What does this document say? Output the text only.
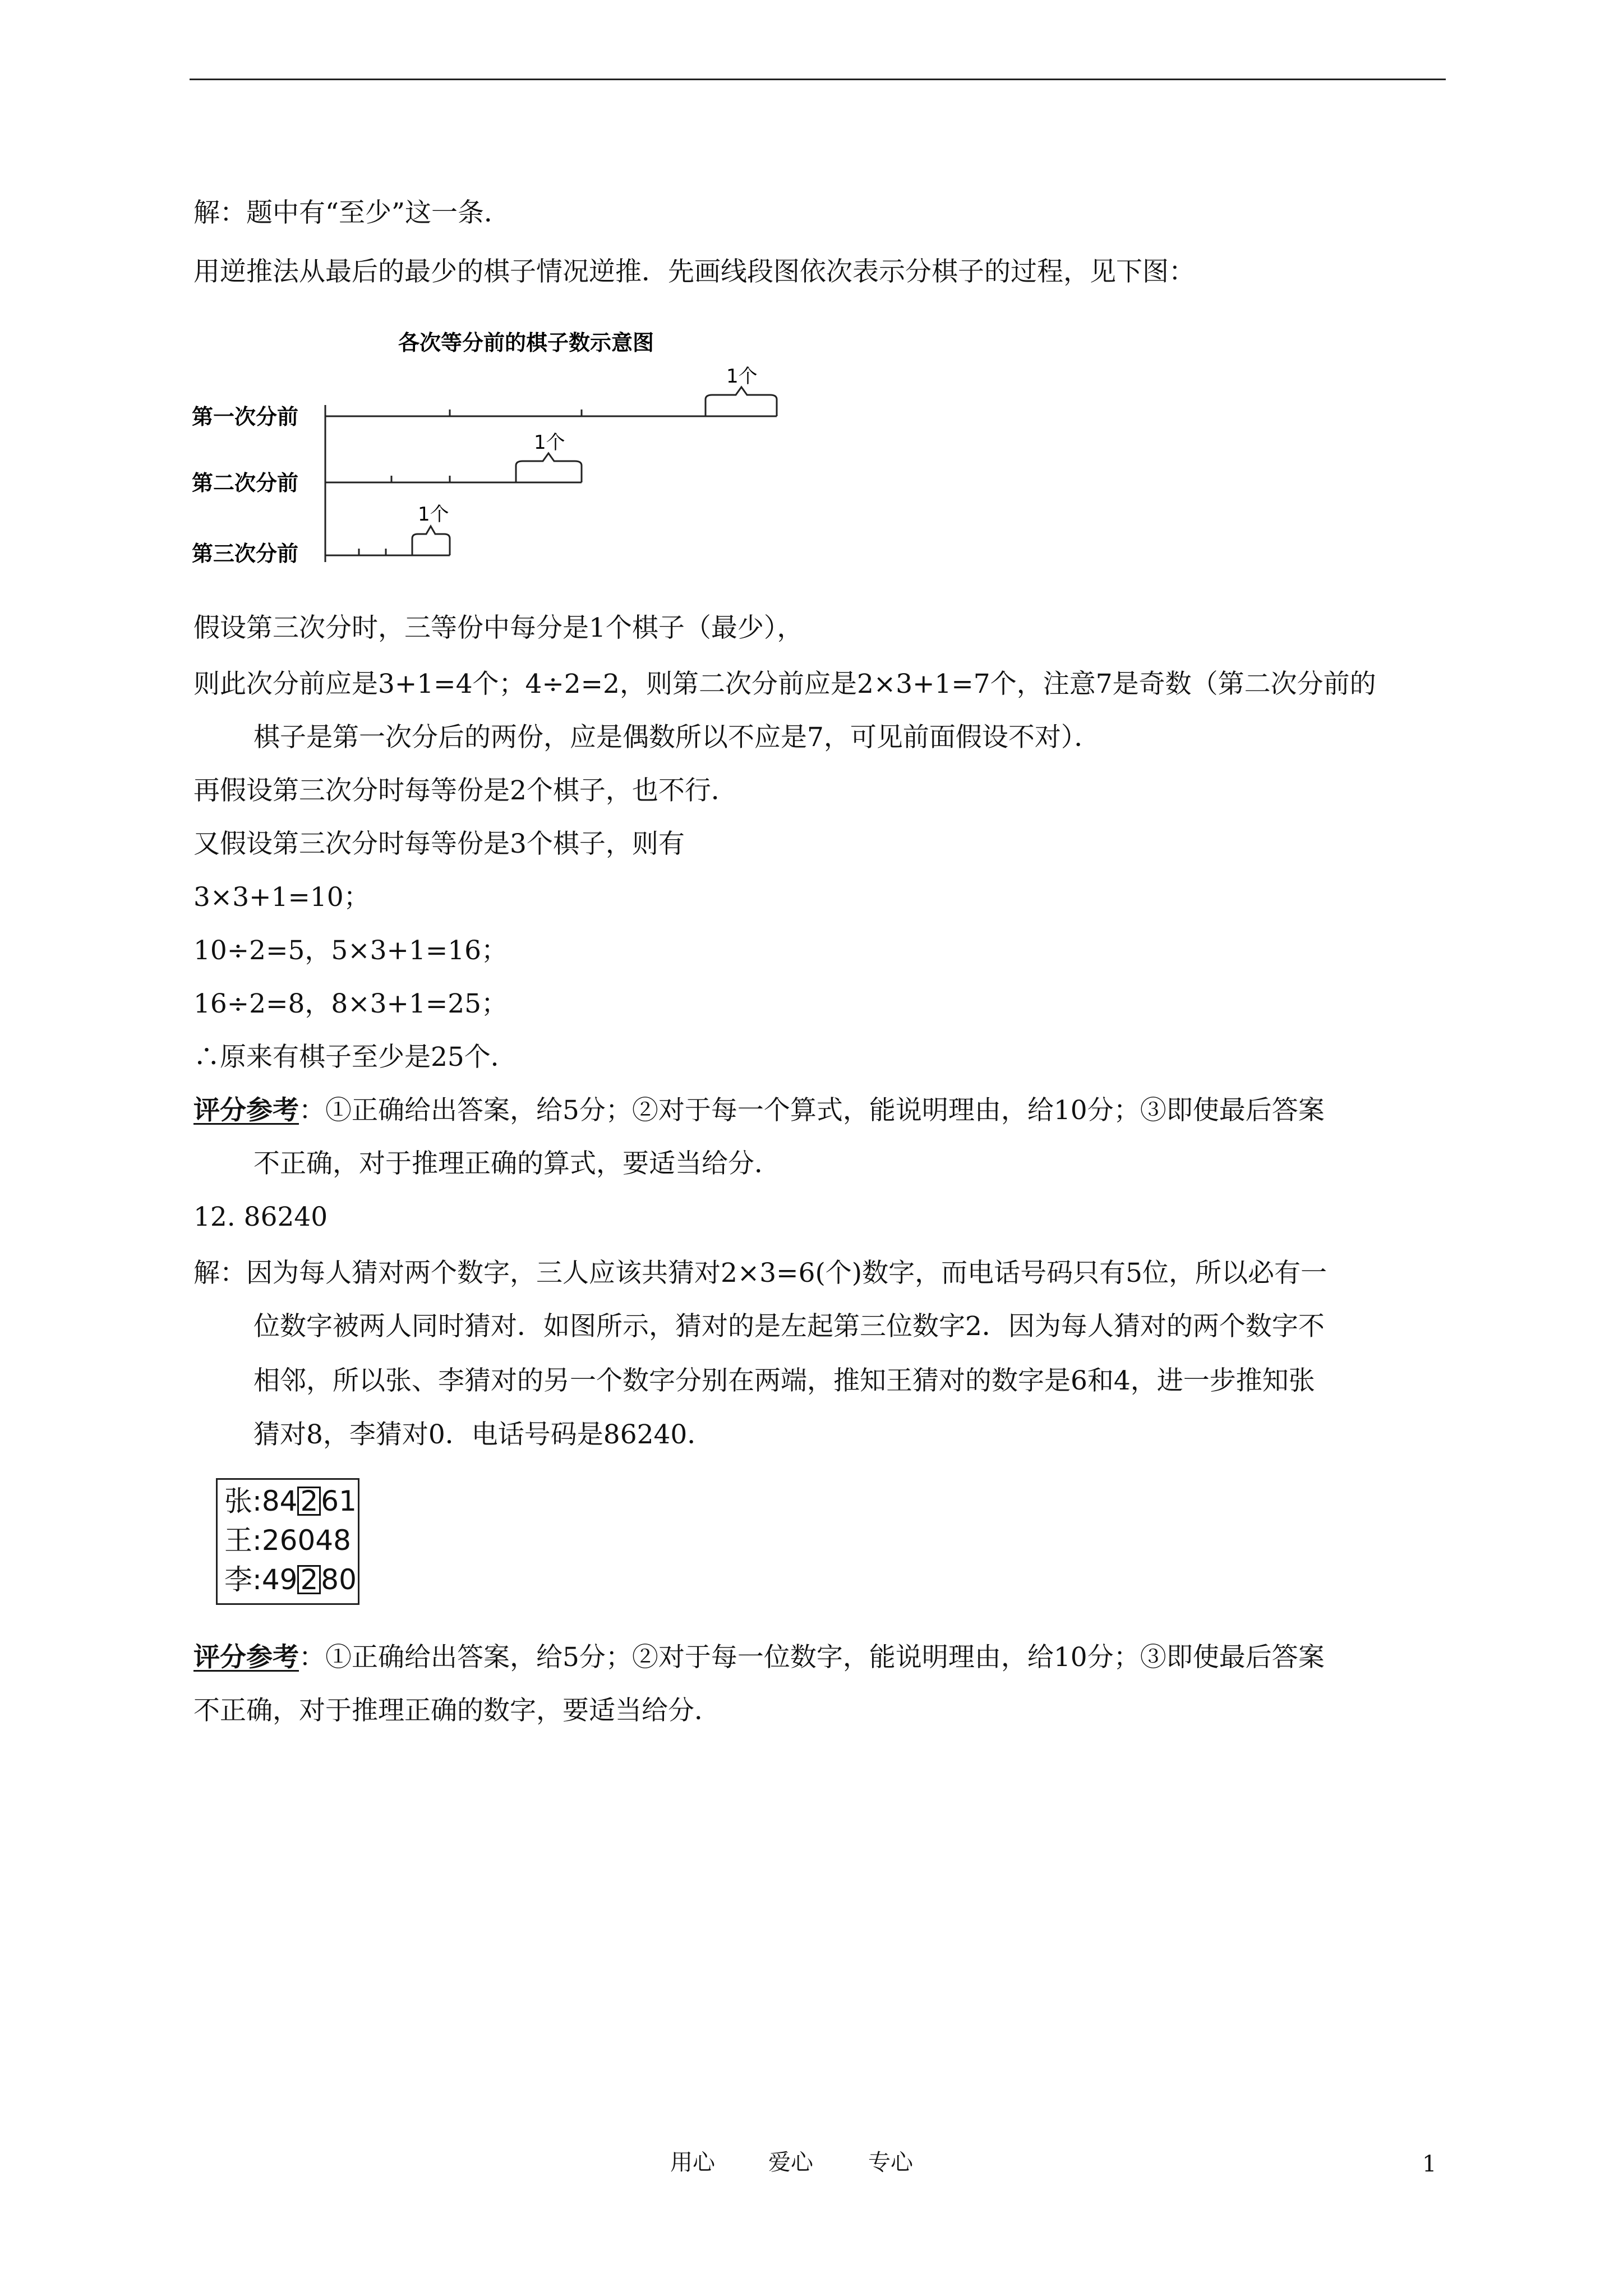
解：题中有“至少”这一条．
用逆推法从最后的最少的棋子情况逆推．先画线段图依次表示分棋子的过程，见下图：
各次等分前的棋子数示意图
第一次分前
第二次分前
第三次分前
1个
1个
1个
假设第三次分时，三等份中每分是1个棋子（最少），
则此次分前应是3+1=4个；4÷2=2，则第二次分前应是2×3+1=7个，注意7是奇数（第二次分前的
棋子是第一次分后的两份，应是偶数所以不应是7，可见前面假设不对）．
再假设第三次分时每等份是2个棋子，也不行．
又假设第三次分时每等份是3个棋子，则有
3×3+1=10；
10÷2=5，5×3+1=16；
16÷2=8，8×3+1=25；
∴原来有棋子至少是25个．
评分参考：①正确给出答案，给5分；②对于每一个算式，能说明理由，给10分；③即使最后答案
不正确，对于推理正确的算式，要适当给分．
12. 86240
解：因为每人猜对两个数字，三人应该共猜对2×3=6(个)数字，而电话号码只有5位，所以必有一
位数字被两人同时猜对．如图所示，猜对的是左起第三位数字2．因为每人猜对的两个数字不
相邻，所以张、李猜对的另一个数字分别在两端，推知王猜对的数字是6和4，进一步推知张
猜对8，李猜对0．电话号码是86240．
张:84 2 61
王:26048
李:49 2 80
评分参考：①正确给出答案，给5分；②对于每一位数字，能说明理由，给10分；③即使最后答案
不正确，对于推理正确的数字，要适当给分．
用心 爱心 专心	1
